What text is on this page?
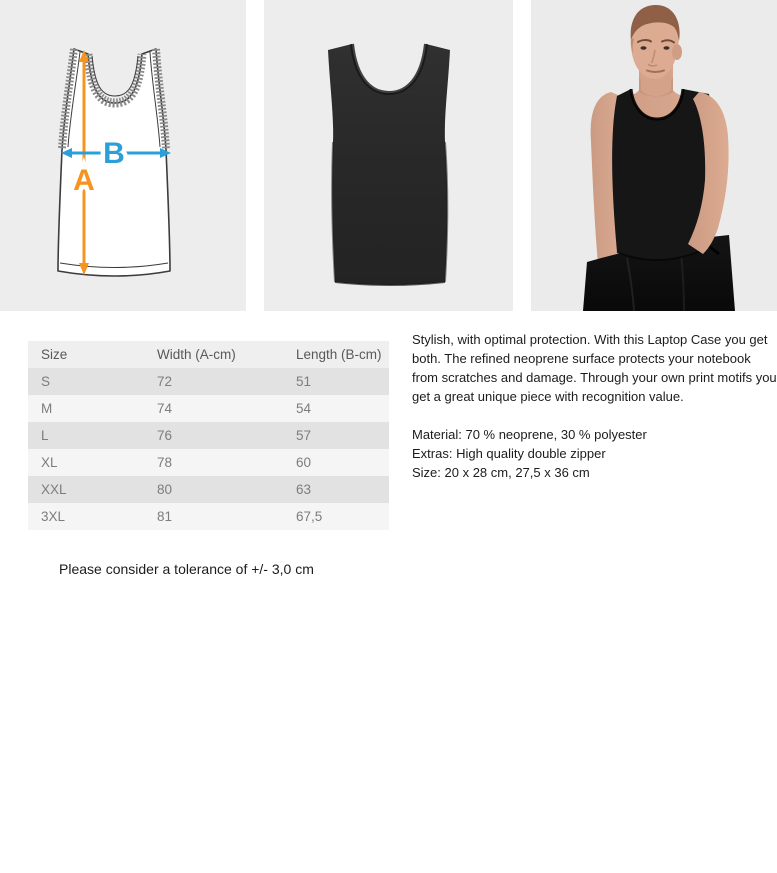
A
B
Size	Width (A-cm)	Length (B-cm)
S	72	51
M	74	54
L	76	57
XL	78	60
XXL	80	63
3XL	81	67,5

Stylish, with optimal protection. With this Laptop Case you get both. The refined neoprene surface protects your notebook from scratches and damage. Through your own print motifs you get a great unique piece with recognition value.

Material: 70 % neoprene, 30 % polyester
Extras: High quality double zipper
Size: 20 x 28 cm, 27,5 x 36 cm
Please consider a tolerance of +/- 3,0 cm
